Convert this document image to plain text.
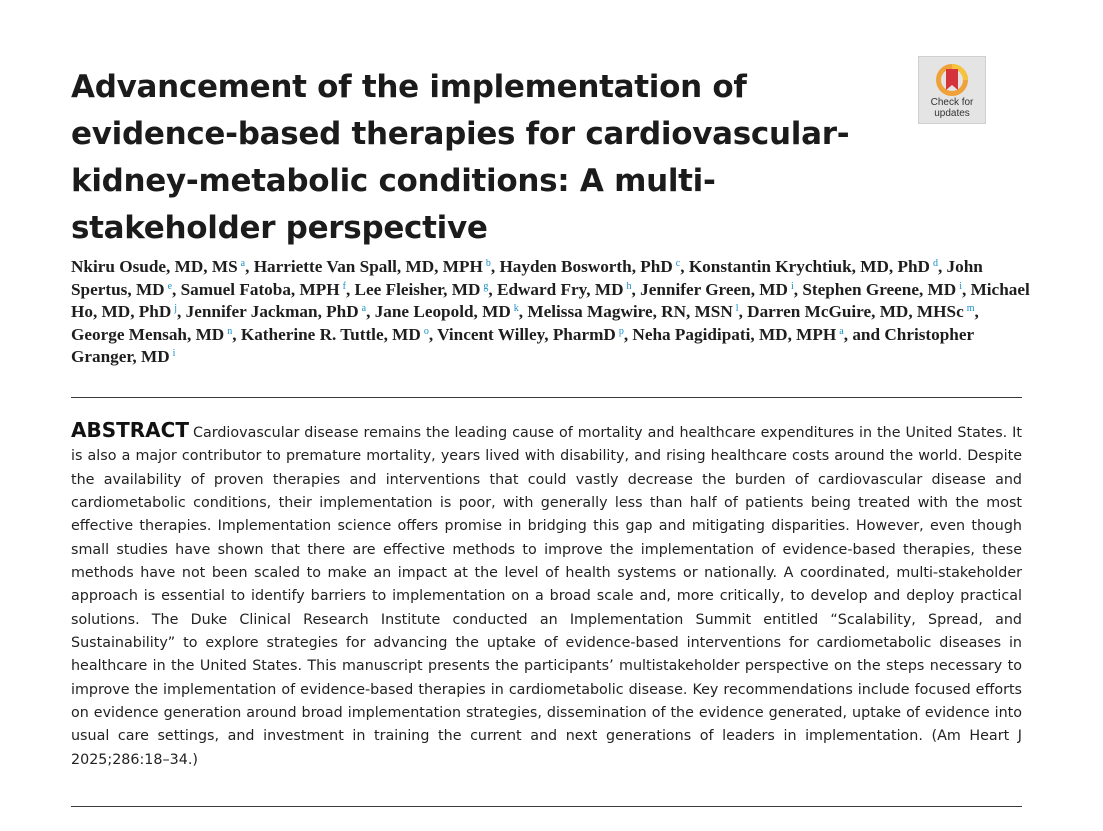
Advancement of the implementation of evidence-based therapies for cardiovascular-kidney-metabolic conditions: A multi-stakeholder perspective
Check for
updates

Nkiru Osude, MD, MS $^a$, Harriette Van Spall, MD, MPH $^b$, Hayden Bosworth, PhD $^c$, Konstantin Krychtiuk, MD, PhD $^d$, John Spertus, MD $^e$, Samuel Fatoba, MPH $^f$, Lee Fleisher, MD $^g$, Edward Fry, MD $^h$, Jennifer Green, MD $^i$, Stephen Greene, MD $^i$, Michael Ho, MD, PhD $^j$, Jennifer Jackman, PhD $^a$, Jane Leopold, MD $^k$, Melissa Magwire, RN, MSN $^l$, Darren McGuire, MD, MHSc $^m$, George Mensah, MD $^n$, Katherine R. Tuttle, MD $^o$, Vincent Willey, PharmD $^p$, Neha Pagidipati, MD, MPH $^a$, and Christopher Granger, MD $^i$

ABSTRACT Cardiovascular disease remains the leading cause of mortality and healthcare expenditures in the United States. It is also a major contributor to premature mortality, years lived with disability, and rising healthcare costs around the world. Despite the availability of proven therapies and interventions that could vastly decrease the burden of cardiovascular disease and cardiometabolic conditions, their implementation is poor, with generally less than half of patients being treated with the most effective therapies. Implementation science offers promise in bridging this gap and mitigating disparities. However, even though small studies have shown that there are effective methods to improve the implementation of evidence-based therapies, these methods have not been scaled to make an impact at the level of health systems or nationally. A coordinated, multi-stakeholder approach is essential to identify barriers to implementation on a broad scale and, more critically, to develop and deploy practical solutions. The Duke Clinical Research Institute conducted an Implementation Summit entitled “Scalability, Spread, and Sustainability” to explore strategies for advancing the uptake of evidence-based interventions for cardiometabolic diseases in healthcare in the United States. This manuscript presents the participants’ multistakeholder perspective on the steps necessary to improve the implementation of evidence-based therapies in cardiometabolic disease. Key recommendations include focused efforts on evidence generation around broad implementation strategies, dissemination of the evidence generated, uptake of evidence into usual care settings, and investment in training the current and next generations of leaders in implementation. (Am Heart J 2025;286:18–34.)
